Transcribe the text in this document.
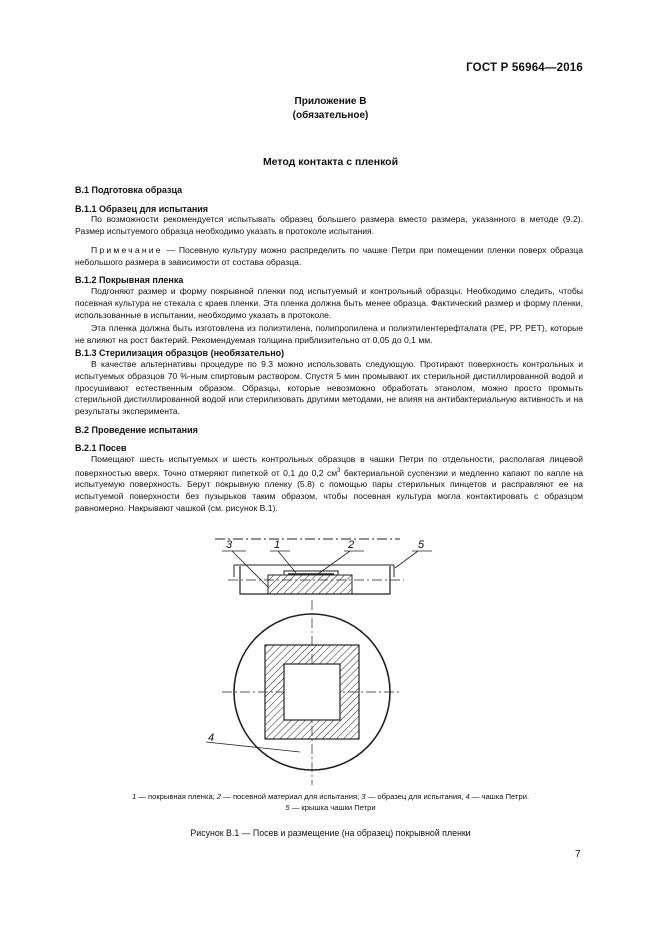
ГОСТ Р 56964—2016
Приложение В
(обязательное)
Метод контакта с пленкой
В.1 Подготовка образца
В.1.1 Образец для испытания
По возможности рекомендуется испытывать образец большего размера вместо размера, указанного в методе (9.2). Размер испытуемого образца необходимо указать в протоколе испытания.
Примечание — Посевную культуру можно распределить по чашке Петри при помещении пленки поверх образца небольшого размера в зависимости от состава образца.
В.1.2 Покрывная пленка
Подгоняют размер и форму покрывной пленки под испытуемый и контрольный образцы. Необходимо следить, чтобы посевная культура не стекала с краев пленки. Эта пленка должна быть менее образца. Фактический размер и форму пленки, использованные в испытании, необходимо указать в протоколе.
Эта пленка должна быть изготовлена из полиэтилена, полипропилена и полиэтилентерефталата (РЕ, РР, РЕТ), которые не влияют на рост бактерий. Рекомендуемая толщина приблизительно от 0,05 до 0,1 мм.
В.1.3 Стерилизация образцов (необязательно)
В качестве альтернативы процедуре по 9.3 можно использовать следующую. Протирают поверхность контрольных и испытуемых образцов 70 %-ным спиртовым раствором. Спустя 5 мин промывают их стерильной дистиллированной водой и просушивают естественным образом. Образцы, которые невозможно обработать этанолом, можно просто промыть стерильной дистиллированной водой или стерилизовать другими методами, не влияя на антибактериальную активность и на результаты эксперимента.
В.2 Проведение испытания
В.2.1 Посев
Помещают шесть испытуемых и шесть контрольных образцов в чашки Петри по отдельности, располагая лицевой поверхностью вверх. Точно отмеряют пипеткой от 0,1 до 0,2 $см^3$ бактериальной суспензии и медленно капают по капле на испытуемую поверхность. Берут покрывную пленку (5.8) с помощью пары стерильных пинцетов и расправляют ее на испытуемой поверхности без пузырьков таким образом, чтобы посевная культура могла контактировать с образцом равномерно. Накрывают чашкой (см. рисунок В.1).
3	1	2	5
4
1 — покрывная пленка; 2 — посевной материал для испытания; 3 — образец для испытания, 4 — чашка Петри.
5 — крышка чашки Петри
Рисунок В.1 — Посев и размещение (на образец) покрывной пленки
7
